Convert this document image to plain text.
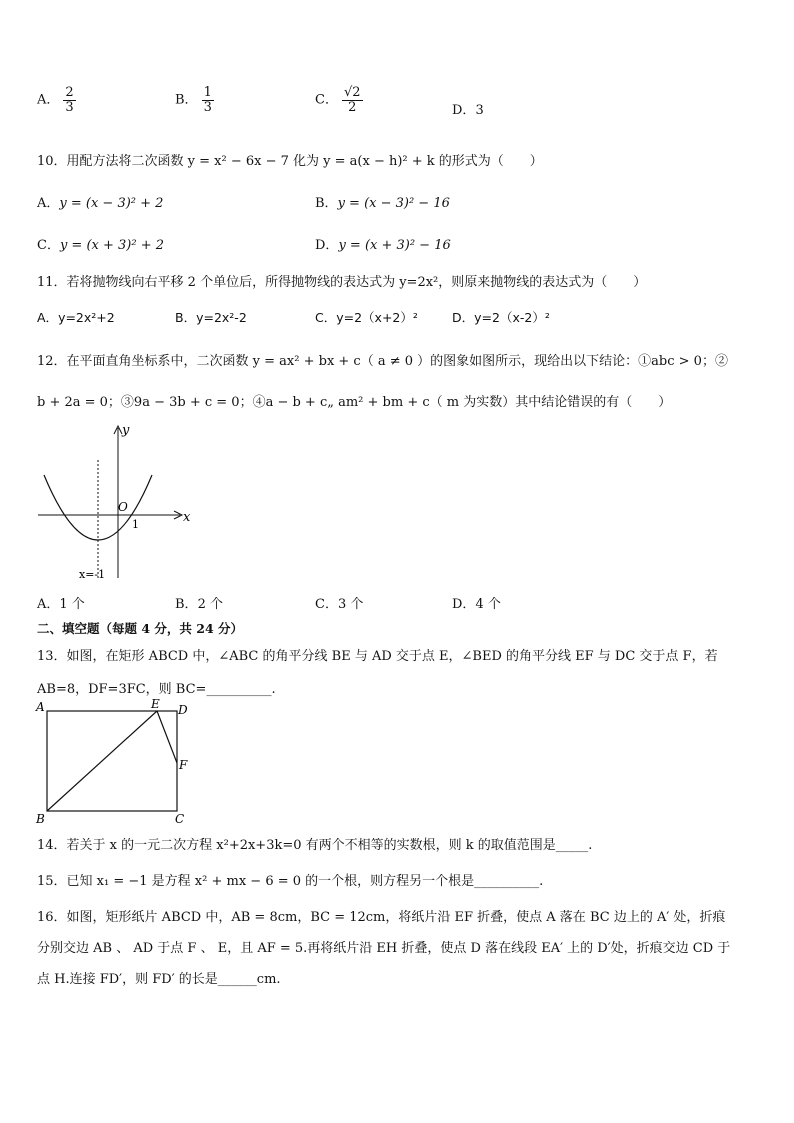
A． $\frac{2}{3}$	B． $\frac{1}{3}$	C． $\frac{√2}{2}$	D．3
10．用配方法将二次函数 y = x² − 6x − 7 化为 y = a(x − h)² + k 的形式为（　　）
A．y = (x − 3)² + 2	B．y = (x − 3)² − 16
C．y = (x + 3)² + 2	D．y = (x + 3)² − 16
11．若将抛物线向右平移 2 个单位后，所得抛物线的表达式为 y=2x²，则原来抛物线的表达式为（　　）
A．y=2x²+2	B．y=2x²-2	C．y=2（x+2）²	D．y=2（x-2）²
12．在平面直角坐标系中，二次函数 y = ax² + bx + c（ a ≠ 0 ）的图象如图所示，现给出以下结论：①abc > 0；②
b + 2a = 0；③9a − 3b + c = 0；④a − b + c„ am² + bm + c（ m 为实数）其中结论错误的有（　　）
y
x
O
1
x=-1
A．1 个	B．2 个	C．3 个	D．4 个
二、填空题（每题 4 分，共 24 分）
13．如图，在矩形 ABCD 中，∠ABC 的角平分线 BE 与 AD 交于点 E，∠BED 的角平分线 EF 与 DC 交于点 F，若
AB=8，DF=3FC，则 BC=__________.
A
B	C
D
E
F
14．若关于 x 的一元二次方程 x²+2x+3k=0 有两个不相等的实数根，则 k 的取值范围是_____.
15．已知 x₁ = −1 是方程 x² + mx − 6 = 0 的一个根，则方程另一个根是__________.
16．如图，矩形纸片 ABCD 中，AB = 8cm，BC = 12cm，将纸片沿 EF 折叠，使点 A 落在 BC 边上的 A′ 处，折痕
分别交边 AB 、 AD 于点 F 、 E，且 AF = 5.再将纸片沿 EH 折叠，使点 D 落在线段 EA′ 上的 D′处，折痕交边 CD 于
点 H.连接 FD′，则 FD′ 的长是______cm.
